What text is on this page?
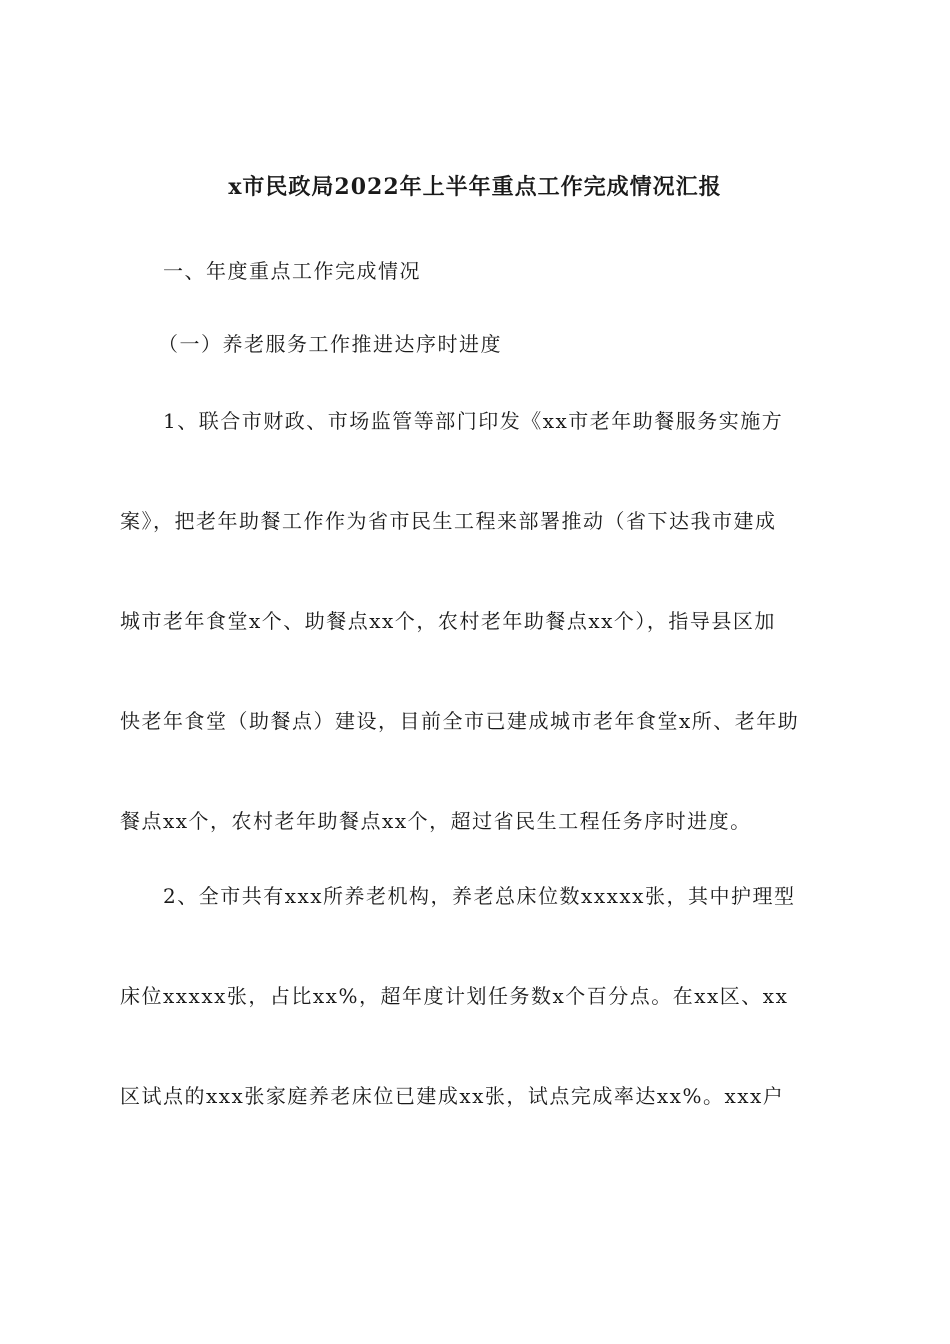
x市民政局2022年上半年重点工作完成情况汇报
一、年度重点工作完成情况
（一）养老服务工作推进达序时进度
1、联合市财政、市场监管等部门印发《xx市老年助餐服务实施方
案》，把老年助餐工作作为省市民生工程来部署推动（省下达我市建成
城市老年食堂x个、助餐点xx个，农村老年助餐点xx个），指导县区加
快老年食堂（助餐点）建设，目前全市已建成城市老年食堂x所、老年助
餐点xx个，农村老年助餐点xx个，超过省民生工程任务序时进度。
2、全市共有xxx所养老机构，养老总床位数xxxxx张，其中护理型
床位xxxxx张，占比xx%，超年度计划任务数x个百分点。在xx区、xx
区试点的xxx张家庭养老床位已建成xx张，试点完成率达xx%。xxx户
